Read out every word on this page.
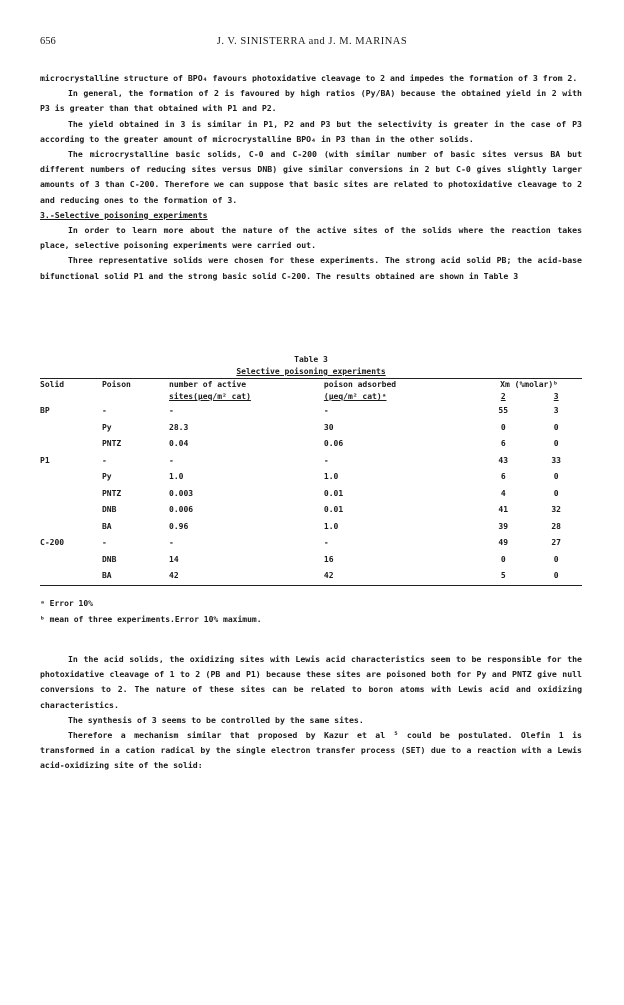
656	J. V. SINISTERRA and J. M. MARINAS

microcrystalline structure of BPO₄ favours photoxidative cleavage to 2 and impedes the formation of 3 from 2.

In general, the formation of 2 is favoured by high ratios (Py/BA) because the obtained yield in 2 with P3 is greater than that obtained with P1 and P2.

The yield obtained in 3 is similar in P1, P2 and P3 but the selectivity is greater in the case of P3 according to the greater amount of microcrystalline BPO₄ in P3 than in the other solids.

The microcrystalline basic solids, C-0 and C-200 (with similar number of basic sites versus BA but different numbers of reducing sites versus DNB) give similar conversions in 2 but C-0 gives slightly larger amounts of 3 than C-200. Therefore we can suppose that basic sites are related to photoxidative cleavage to 2 and reducing ones to the formation of 3.

3.-Selective poisoning experiments

In order to learn more about the nature of the active sites of the solids where the reaction takes place, selective poisoning experiments were carried out.

Three representative solids were chosen for these experiments. The strong acid solid PB; the acid-base bifunctional solid P1 and the strong basic solid C-200. The results obtained are shown in Table 3

Table 3
Selective poisoning experiments
Solid	Poison	number of active	poison adsorbed	Xm (%molar)ᵇ	
		sites(µeq/m² cat)	(µeq/m² cat)ᵃ	2	3
BP	-	-	-	55	3
	Py	28.3	30	0	0
	PNTZ	0.04	0.06	6	0
P1	-	-	-	43	33
	Py	1.0	1.0	6	0
	PNTZ	0.003	0.01	4	0
	DNB	0.006	0.01	41	32
	BA	0.96	1.0	39	28
C-200	-	-	-	49	27
	DNB	14	16	0	0
	BA	42	42	5	0
ᵃ Error 10%
ᵇ mean of three experiments.Error 10% maximum.

In the acid solids, the oxidizing sites with Lewis acid characteristics seem to be responsible for the photoxidative cleavage of 1 to 2 (PB and P1) because these sites are poisoned both for Py and PNTZ give null conversions to 2. The nature of these sites can be related to boron atoms with Lewis acid and oxidizing characteristics.

The synthesis of 3 seems to be controlled by the same sites.

Therefore a mechanism similar that proposed by Kazur et al ⁵ could be postulated. Olefin 1 is transformed in a cation radical by the single electron transfer process (SET) due to a reaction with a Lewis acid-oxidizing site of the solid:
